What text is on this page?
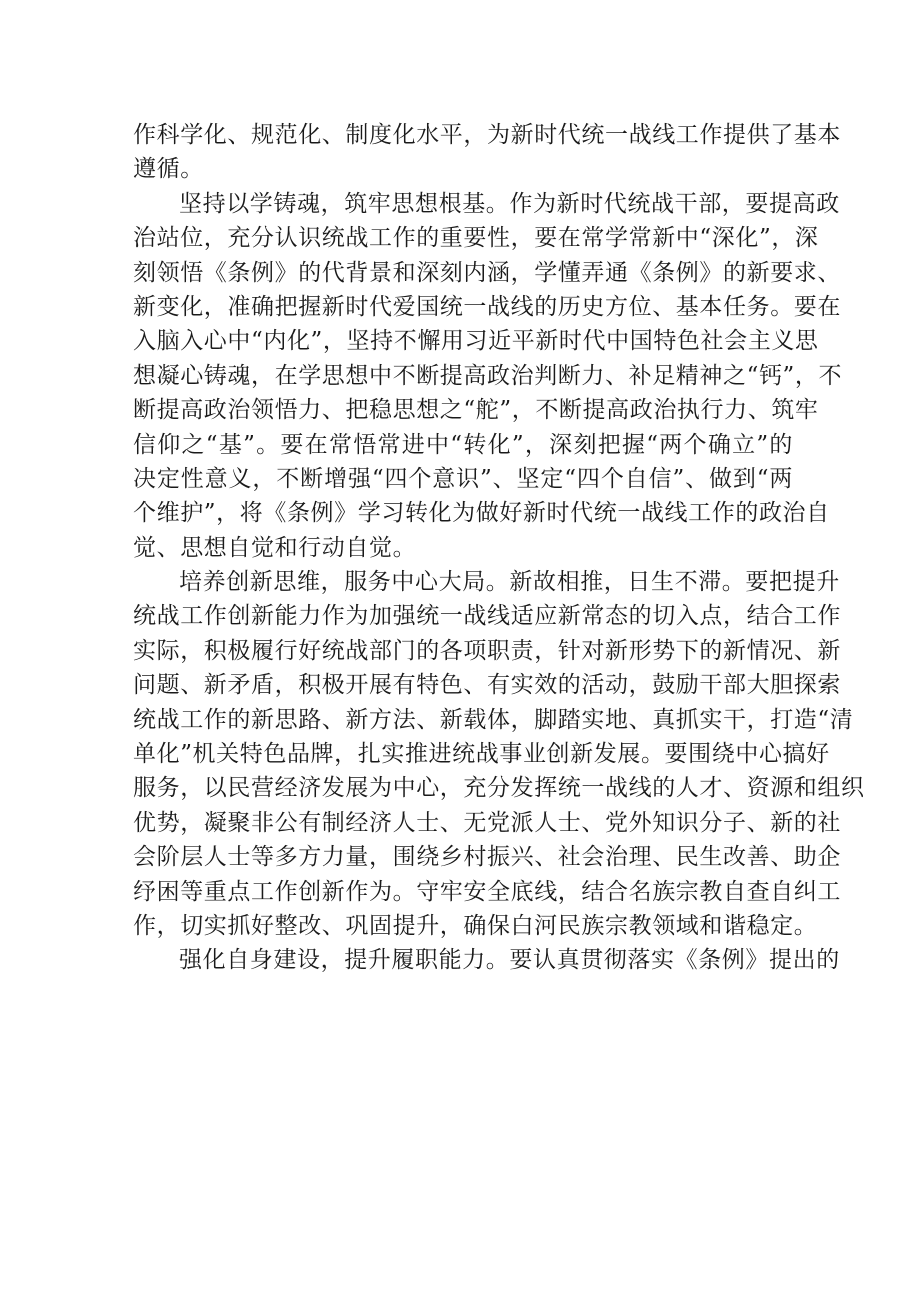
作科学化、规范化、制度化水平，为新时代统一战线工作提供了基本
遵循。
坚持以学铸魂，筑牢思想根基。作为新时代统战干部，要提高政
治站位，充分认识统战工作的重要性，要在常学常新中“深化”，深
刻领悟《条例》的代背景和深刻内涵，学懂弄通《条例》的新要求、
新变化，准确把握新时代爱国统一战线的历史方位、基本任务。要在
入脑入心中“内化”，坚持不懈用习近平新时代中国特色社会主义思
想凝心铸魂，在学思想中不断提高政治判断力、补足精神之“钙”，不
断提高政治领悟力、把稳思想之“舵”，不断提高政治执行力、筑牢
信仰之“基”。要在常悟常进中“转化”，深刻把握“两个确立”的
决定性意义，不断增强“四个意识”、坚定“四个自信”、做到“两
个维护”，将《条例》学习转化为做好新时代统一战线工作的政治自
觉、思想自觉和行动自觉。
培养创新思维，服务中心大局。新故相推，日生不滞。要把提升
统战工作创新能力作为加强统一战线适应新常态的切入点，结合工作
实际，积极履行好统战部门的各项职责，针对新形势下的新情况、新
问题、新矛盾，积极开展有特色、有实效的活动，鼓励干部大胆探索
统战工作的新思路、新方法、新载体，脚踏实地、真抓实干，打造“清
单化”机关特色品牌，扎实推进统战事业创新发展。要围绕中心搞好
服务，以民营经济发展为中心，充分发挥统一战线的人才、资源和组织
优势，凝聚非公有制经济人士、无党派人士、党外知识分子、新的社
会阶层人士等多方力量，围绕乡村振兴、社会治理、民生改善、助企
纾困等重点工作创新作为。守牢安全底线，结合名族宗教自查自纠工
作，切实抓好整改、巩固提升，确保白河民族宗教领域和谐稳定。
强化自身建设，提升履职能力。要认真贯彻落实《条例》提出的
